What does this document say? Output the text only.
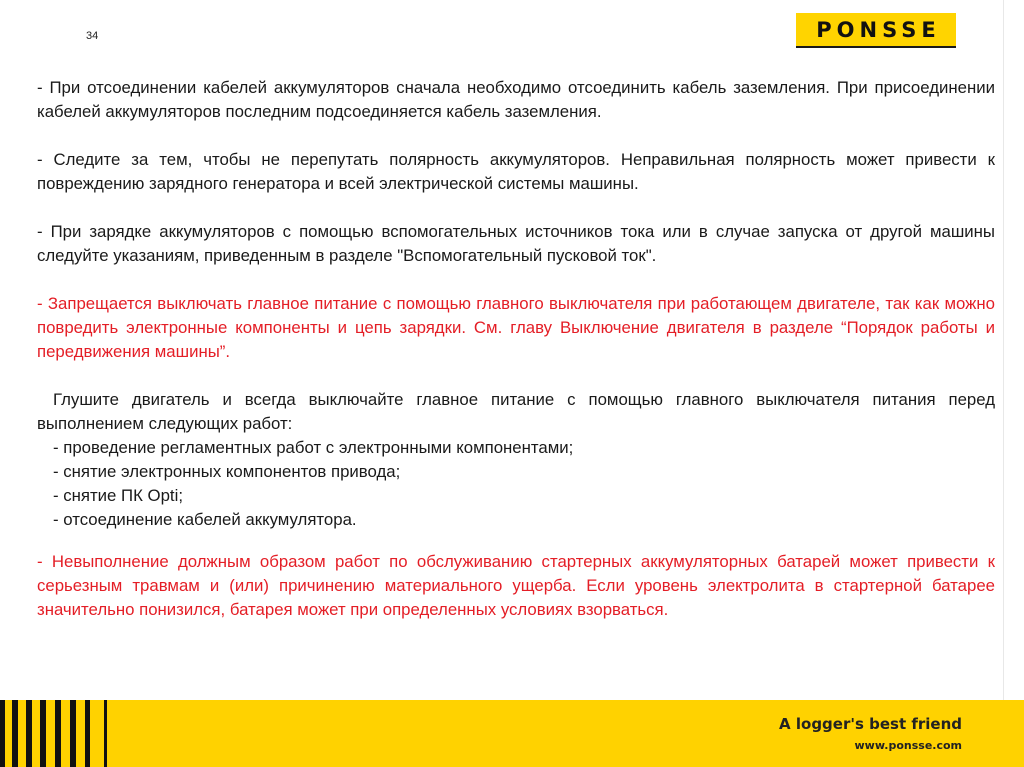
34	PONSSE

- При отсоединении кабелей аккумуляторов сначала необходимо отсоединить кабель заземления. При присоединении кабелей аккумуляторов последним подсоединяется кабель заземления.

- Следите за тем, чтобы не перепутать полярность аккумуляторов. Неправильная полярность может привести к повреждению зарядного генератора и всей электрической системы машины.

- При зарядке аккумуляторов с помощью вспомогательных источников тока или в случае запуска от другой машины следуйте указаниям, приведенным в разделе "Вспомогательный пусковой ток".

- Запрещается выключать главное питание с помощью главного выключателя при работающем двигателе, так как можно повредить электронные компоненты и цепь зарядки. См. главу Выключение двигателя в разделе “Порядок работы и передвижения машины”.

Глушите двигатель и всегда выключайте главное питание с помощью главного выключателя питания перед выполнением следующих работ:

- проведение регламентных работ с электронными компонентами;
- снятие электронных компонентов привода;
- снятие ПК Opti;
- отсоединение кабелей аккумулятора.

- Невыполнение должным образом работ по обслуживанию стартерных аккумуляторных батарей может привести к серьезным травмам и (или) причинению материального ущерба. Если уровень электролита в стартерной батарее значительно понизился, батарея может при определенных условиях взорваться.

A logger's best friend
www.ponsse.com
